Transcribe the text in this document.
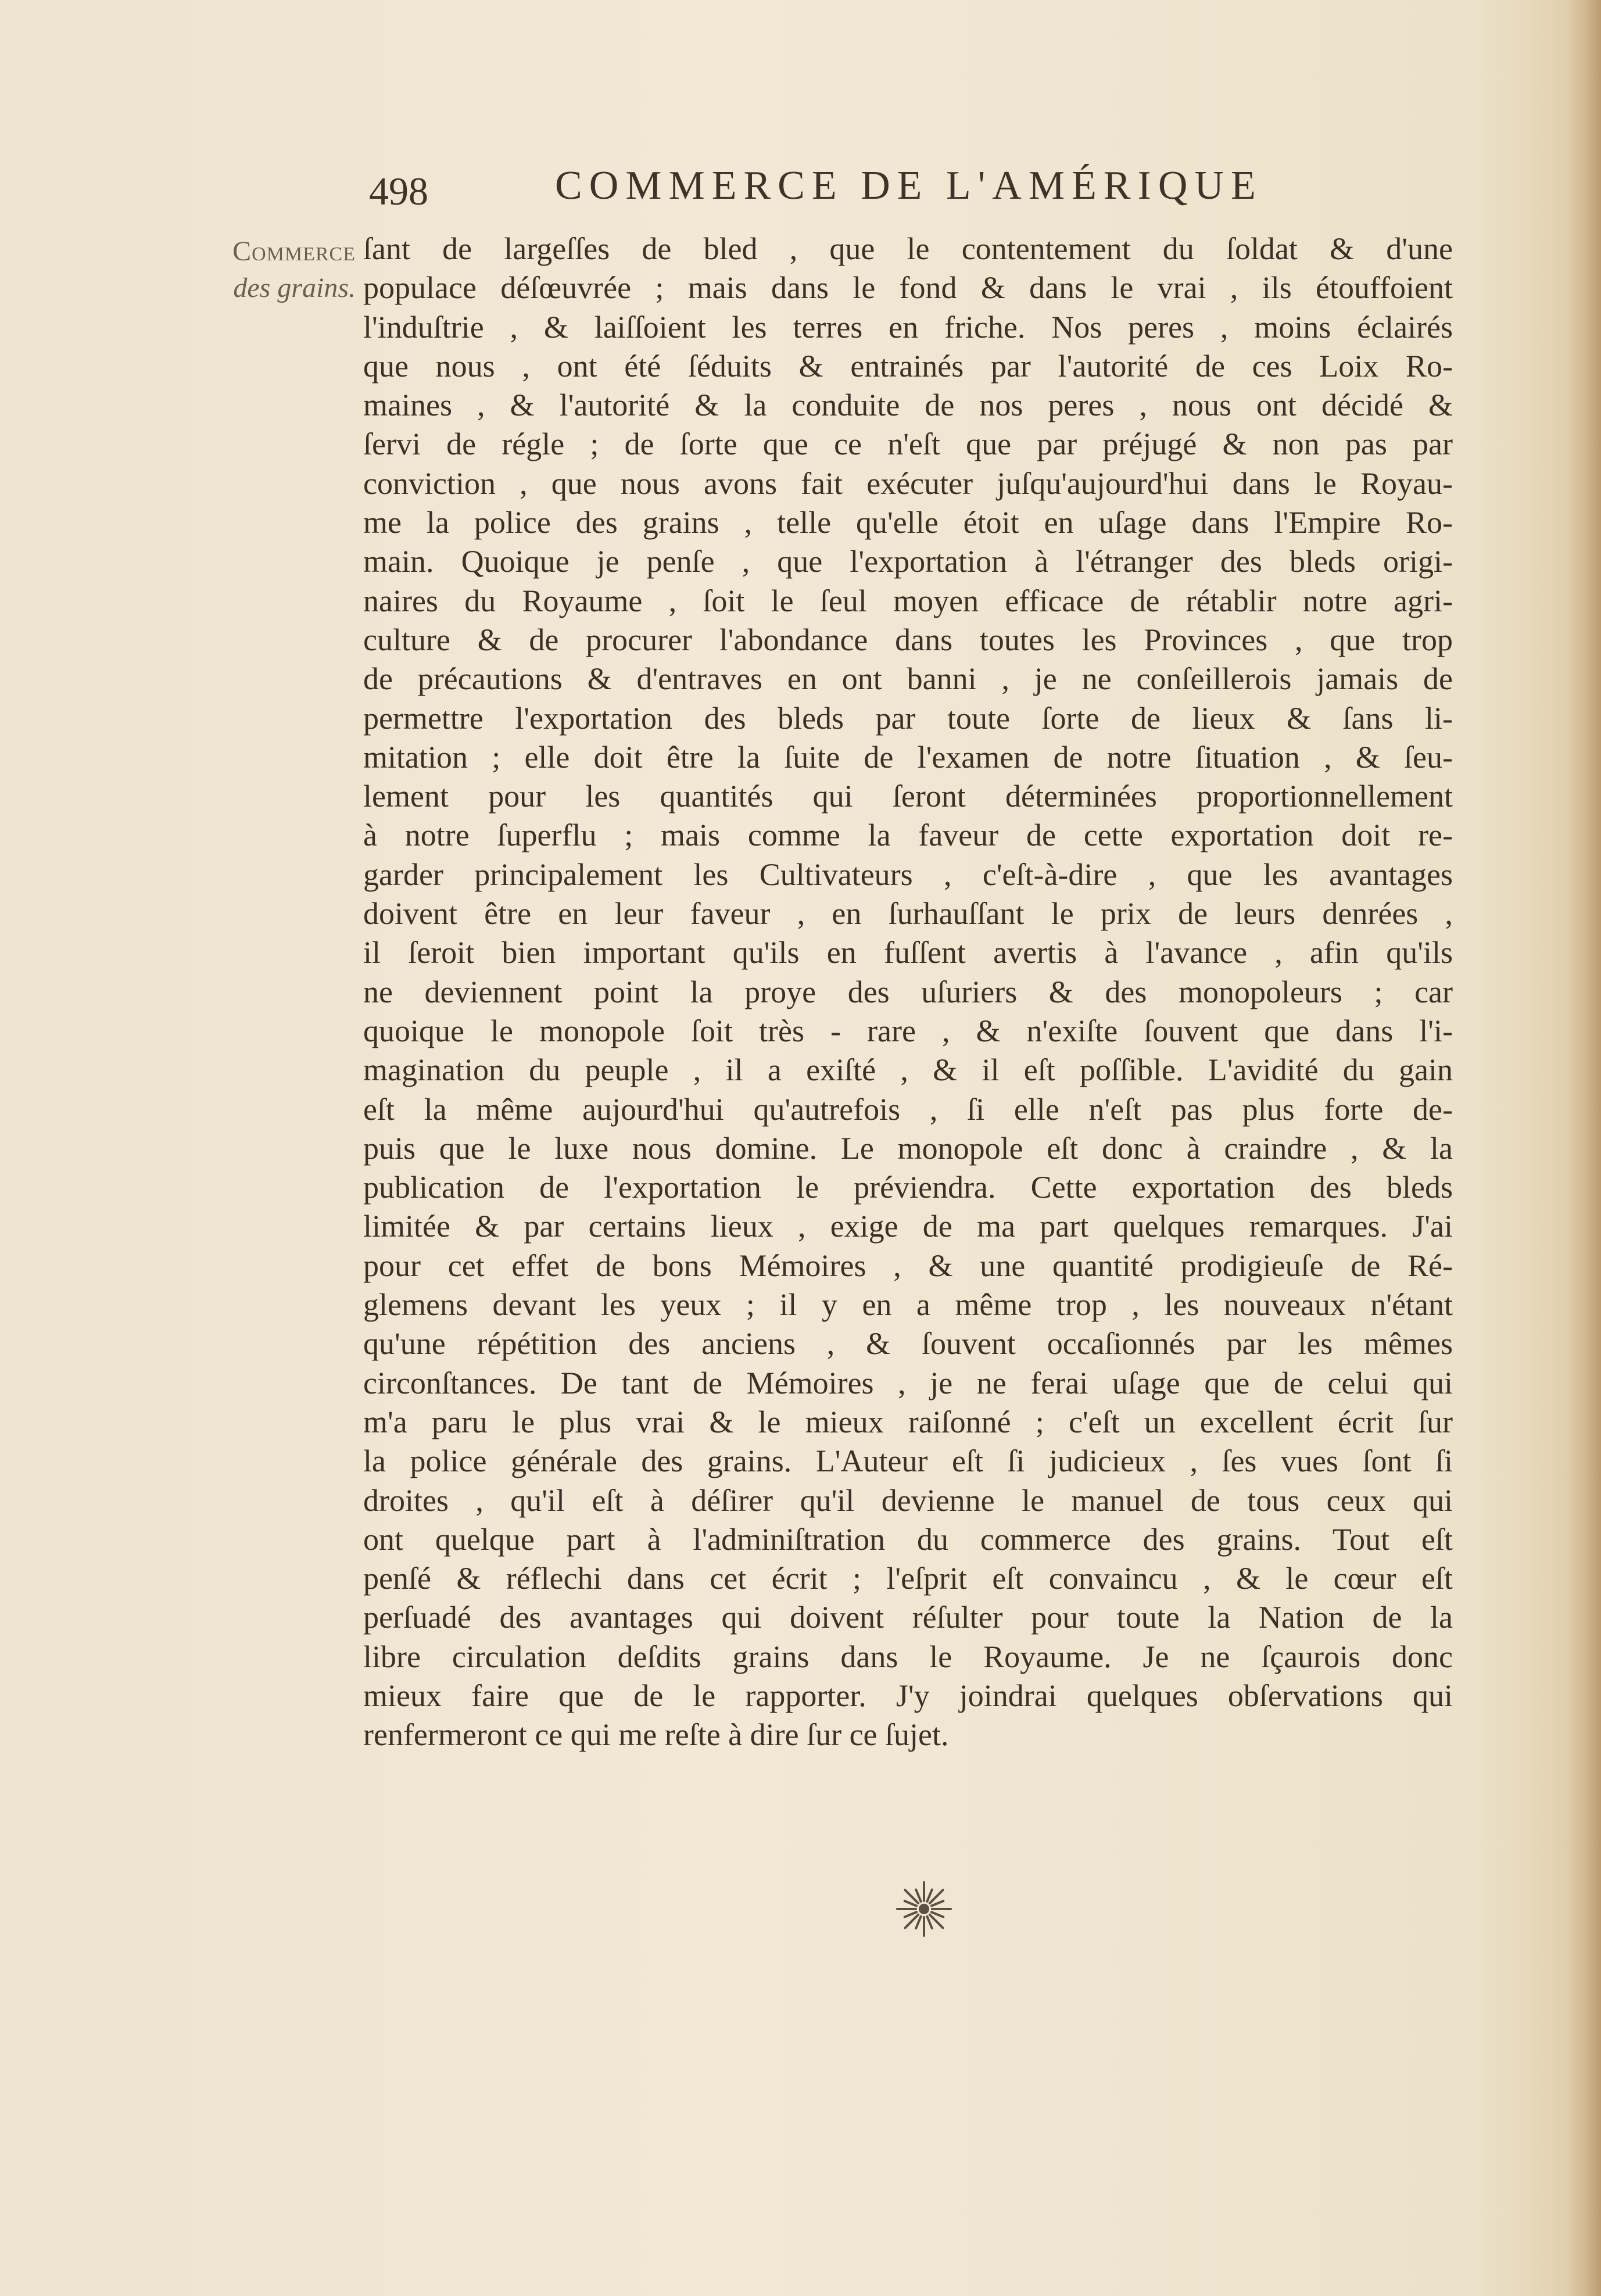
498	COMMERCE DE L'AMÉRIQUE
Commerce
des grains.
ſant de largeſſes de bled , que le contentement du ſoldat & d'une
populace déſœuvrée ; mais dans le fond & dans le vrai , ils étouffoient
l'induſtrie , & laiſſoient les terres en friche. Nos peres , moins éclairés
que nous , ont été ſéduits & entrainés par l'autorité de ces Loix Ro-
maines , & l'autorité & la conduite de nos peres , nous ont décidé &
ſervi de régle ; de ſorte que ce n'eſt que par préjugé & non pas par
conviction , que nous avons fait exécuter juſqu'aujourd'hui dans le Royau-
me la police des grains , telle qu'elle étoit en uſage dans l'Empire Ro-
main. Quoique je penſe , que l'exportation à l'étranger des bleds origi-
naires du Royaume , ſoit le ſeul moyen efficace de rétablir notre agri-
culture & de procurer l'abondance dans toutes les Provinces , que trop
de précautions & d'entraves en ont banni , je ne conſeillerois jamais de
permettre l'exportation des bleds par toute ſorte de lieux & ſans li-
mitation ; elle doit être la ſuite de l'examen de notre ſituation , & ſeu-
lement pour les quantités qui ſeront déterminées proportionnellement
à notre ſuperflu ; mais comme la faveur de cette exportation doit re-
garder principalement les Cultivateurs , c'eſt-à-dire , que les avantages
doivent être en leur faveur , en ſurhauſſant le prix de leurs denrées ,
il ſeroit bien important qu'ils en fuſſent avertis à l'avance , afin qu'ils
ne deviennent point la proye des uſuriers & des monopoleurs ; car
quoique le monopole ſoit très - rare , & n'exiſte ſouvent que dans l'i-
magination du peuple , il a exiſté , & il eſt poſſible. L'avidité du gain
eſt la même aujourd'hui qu'autrefois , ſi elle n'eſt pas plus forte de-
puis que le luxe nous domine. Le monopole eſt donc à craindre , & la
publication de l'exportation le préviendra. Cette exportation des bleds
limitée & par certains lieux , exige de ma part quelques remarques. J'ai
pour cet effet de bons Mémoires , & une quantité prodigieuſe de Ré-
glemens devant les yeux ; il y en a même trop , les nouveaux n'étant
qu'une répétition des anciens , & ſouvent occaſionnés par les mêmes
circonſtances. De tant de Mémoires , je ne ferai uſage que de celui qui
m'a paru le plus vrai & le mieux raiſonné ; c'eſt un excellent écrit ſur
la police générale des grains. L'Auteur eſt ſi judicieux , ſes vues ſont ſi
droites , qu'il eſt à déſirer qu'il devienne le manuel de tous ceux qui
ont quelque part à l'adminiſtration du commerce des grains. Tout eſt
penſé & réflechi dans cet écrit ; l'eſprit eſt convaincu , & le cœur eſt
perſuadé des avantages qui doivent réſulter pour toute la Nation de la
libre circulation deſdits grains dans le Royaume. Je ne ſçaurois donc
mieux faire que de le rapporter. J'y joindrai quelques obſervations qui
renfermeront ce qui me reſte à dire ſur ce ſujet.
